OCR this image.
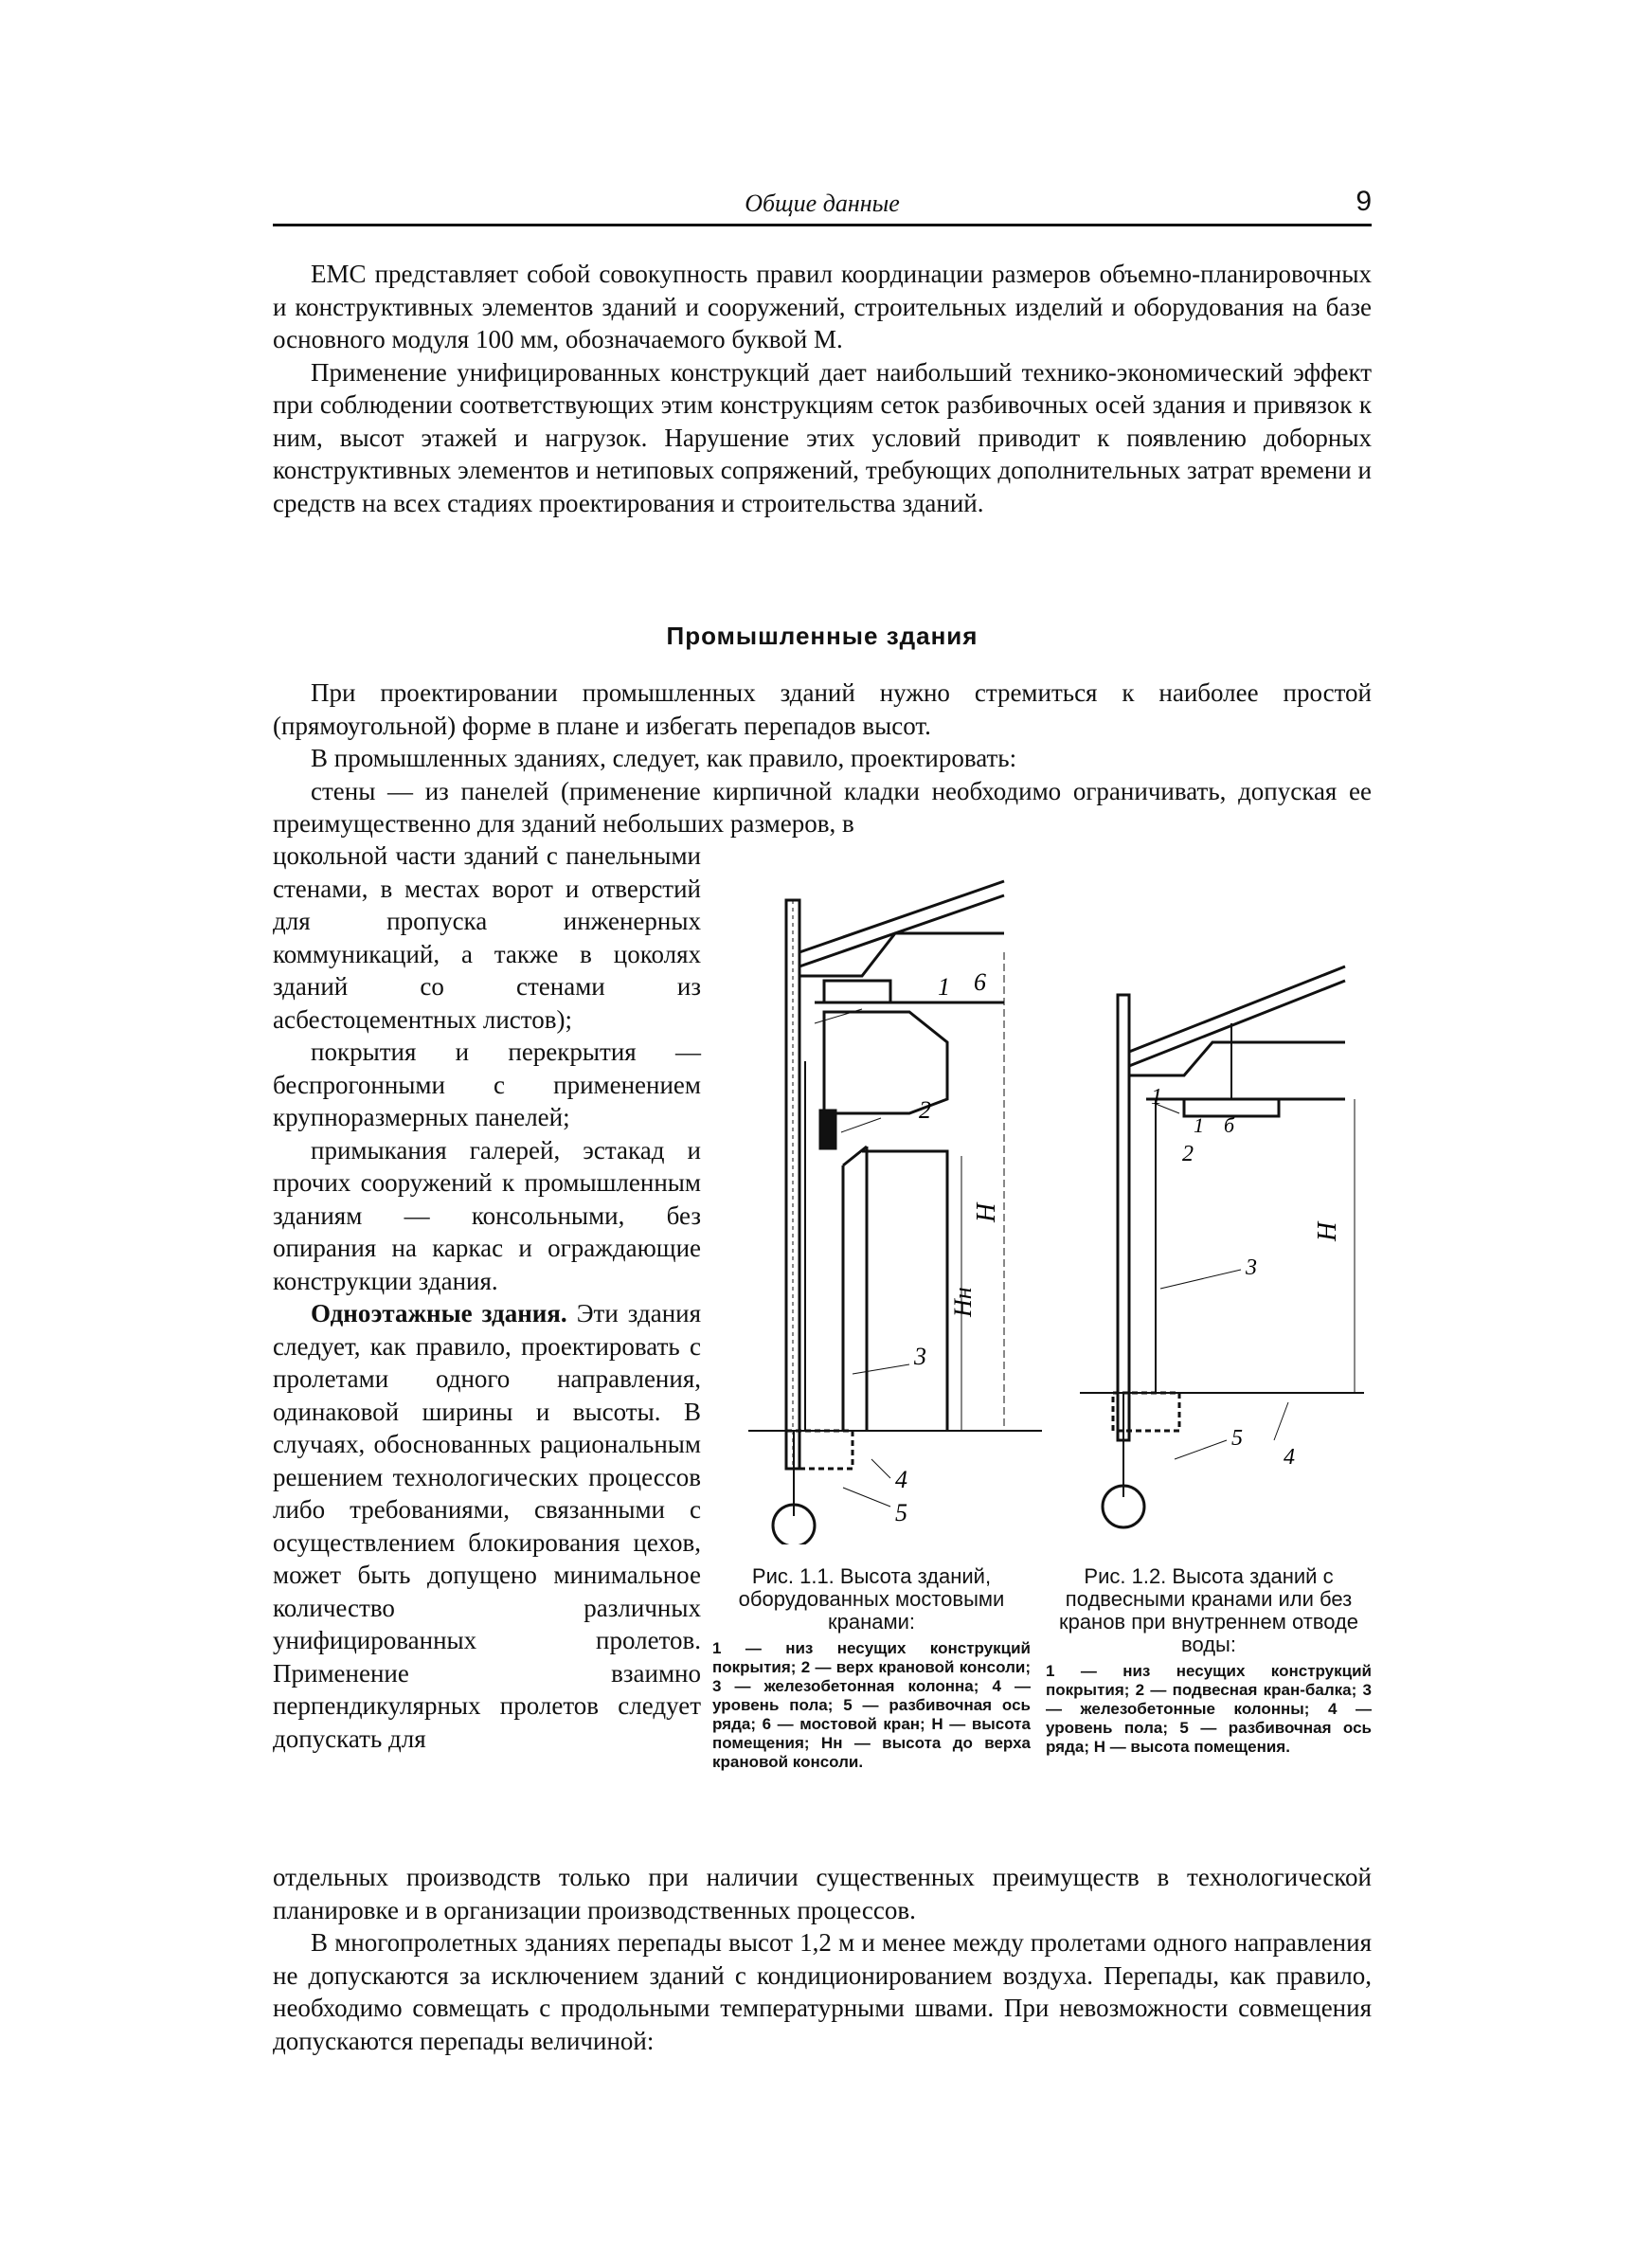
Общие данные	9

ЕМС представляет собой совокупность правил координации размеров объемно-планировочных и конструктивных элементов зданий и сооружений, строительных изделий и оборудования на базе основного модуля 100 мм, обозначаемого буквой М.

Применение унифицированных конструкций дает наибольший технико-экономический эффект при соблюдении соответствующих этим конструкциям сеток разбивочных осей здания и привязок к ним, высот этажей и нагрузок. Нарушение этих условий приводит к появлению доборных конструктивных элементов и нетиповых сопряжений, требующих дополнительных затрат времени и средств на всех стадиях проектирования и строительства зданий.

Промышленные здания

При проектировании промышленных зданий нужно стремиться к наиболее простой (прямоугольной) форме в плане и избегать перепадов высот.

В промышленных зданиях, следует, как правило, проектировать:

стены — из панелей (применение кирпичной кладки необходимо ограничивать, допуская ее преимущественно для зданий небольших размеров, в

цокольной части зданий с панельными стенами, в местах ворот и отверстий для пропуска инженерных коммуникаций, а также в цоколях зданий со стенами из асбестоцементных листов);

покрытия и перекрытия — беспрогонными с применением крупноразмерных панелей;

примыкания галерей, эстакад и прочих сооружений к промышленным зданиям — консольными, без опирания на каркас и ограждающие конструкции здания.

Одноэтажные здания. Эти здания следует, как правило, проектировать с пролетами одного направления, одинаковой ширины и высоты. В случаях, обоснованных рациональным решением технологических процессов либо требованиями, связанными с осуществлением блокирования цехов, может быть допущено минимальное количество различных унифицированных пролетов. Применение взаимно перпендикулярных пролетов следует допускать для

1 6
2
3
4
5
H
Hн
1
1 б
2
3
4
5
H
Рис. 1.1. Высота зданий, оборудованных мостовыми кранами:
1 — низ несущих конструкций покрытия; 2 — верх крановой консоли; 3 — железобетонная колонна; 4 — уровень пола; 5 — разбивочная ось ряда; 6 — мостовой кран; H — высота помещения; Hн — высота до верха крановой консоли.
Рис. 1.2. Высота зданий с подвесными кранами или без кранов при внутреннем отводе воды:
1 — низ несущих конструкций покрытия; 2 — подвесная кран-балка; 3 — железобетонные колонны; 4 — уровень пола; 5 — разбивочная ось ряда; H — высота помещения.

отдельных производств только при наличии существенных преимуществ в технологической планировке и в организации производственных процессов.

В многопролетных зданиях перепады высот 1,2 м и менее между пролетами одного направления не допускаются за исключением зданий с кондиционированием воздуха. Перепады, как правило, необходимо совмещать с продольными температурными швами. При невозможности совмещения допускаются перепады величиной:
